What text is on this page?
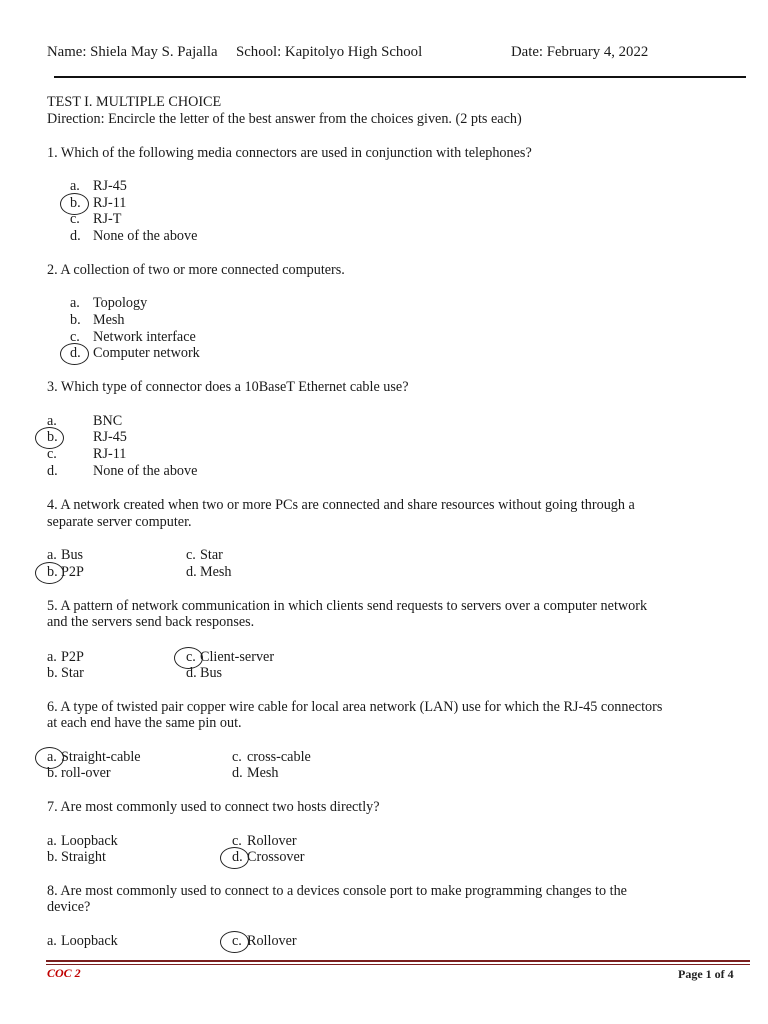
Name: Shiela May S. Pajalla School: Kapitolyo High School	Date: February 4, 2022
TEST I. MULTIPLE CHOICE
Direction: Encircle the letter of the best answer from the choices given. (2 pts each)
1. Which of the following media connectors are used in conjunction with telephones?
a. RJ-45
b. RJ-11
c. RJ-T
d. None of the above
2. A collection of two or more connected computers.
a. Topology
b. Mesh
c. Network interface
d. Computer network
3. Which type of connector does a 10BaseT Ethernet cable use?
a.	BNC
b. RJ-45
c.	RJ-11
d. None of the above
4. A network created when two or more PCs are connected and share resources without going through a
separate server computer.
a. Bus	c. Star
b. P2P	d. Mesh
5. A pattern of network communication in which clients send requests to servers over a computer network
and the servers send back responses.
a. P2P	c. Client-server
b. Star	d. Bus
6. A type of twisted pair copper wire cable for local area network (LAN) use for which the RJ-45 connectors
at each end have the same pin out.
a. Straight-cable	c. cross-cable
b. roll-over	d. Mesh
7. Are most commonly used to connect two hosts directly?
a. Loopback	c. Rollover
b. Straight	d. Crossover
8. Are most commonly used to connect to a devices console port to make programming changes to the
device?
a. Loopback	c. Rollover
COC 2	Page 1 of 4
